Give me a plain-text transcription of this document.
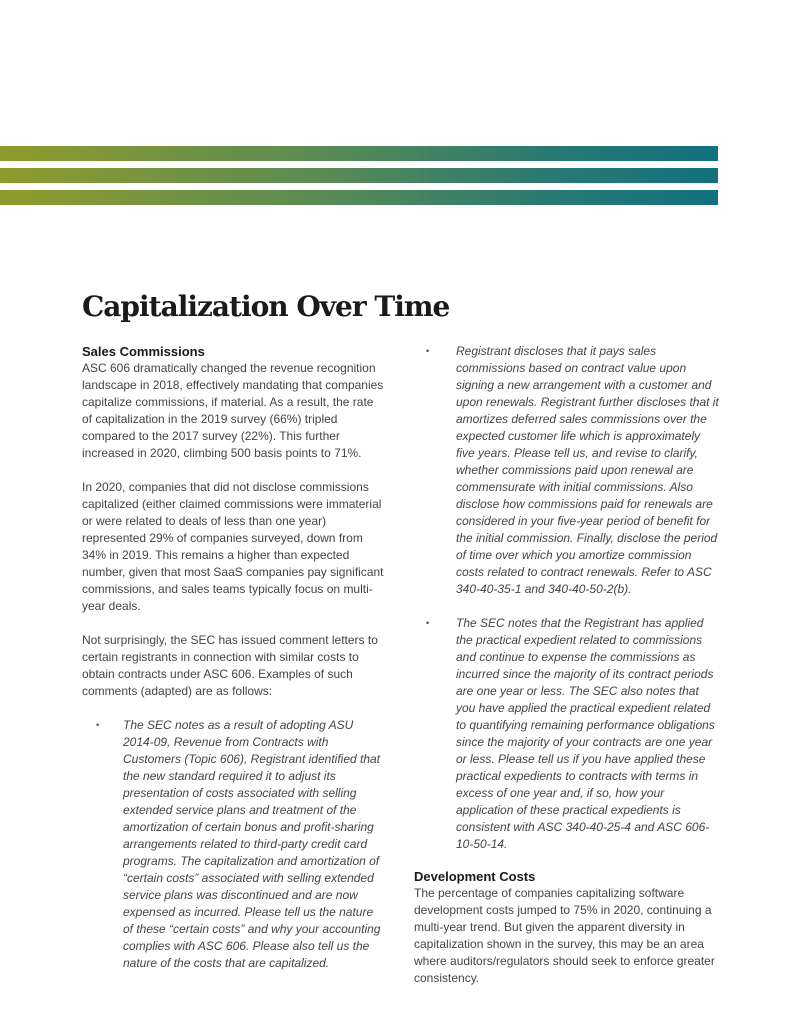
Capitalization Over Time
Sales Commissions

ASC 606 dramatically changed the revenue recognition landscape in 2018, effectively mandating that companies capitalize commissions, if material. As a result, the rate of capitalization in the 2019 survey (66%) tripled compared to the 2017 survey (22%). This further increased in 2020, climbing 500 basis points to 71%.

In 2020, companies that did not disclose commissions capitalized (either claimed commissions were immaterial or were related to deals of less than one year) represented 29% of companies surveyed, down from 34% in 2019. This remains a higher than expected number, given that most SaaS companies pay significant commissions, and sales teams typically focus on multi-year deals.

Not surprisingly, the SEC has issued comment letters to certain registrants in connection with similar costs to obtain contracts under ASC 606. Examples of such comments (adapted) are as follows:

• The SEC notes as a result of adopting ASU 2014-09, Revenue from Contracts with Customers (Topic 606), Registrant identified that the new standard required it to adjust its presentation of costs associated with selling extended service plans and treatment of the amortization of certain bonus and profit-sharing arrangements related to third-party credit card programs. The capitalization and amortization of “certain costs” associated with selling extended service plans was discontinued and are now expensed as incurred. Please tell us the nature of these “certain costs” and why your accounting complies with ASC 606. Please also tell us the nature of the costs that are capitalized.
• Registrant discloses that it pays sales commissions based on contract value upon signing a new arrangement with a customer and upon renewals. Registrant further discloses that it amortizes deferred sales commissions over the expected customer life which is approximately five years. Please tell us, and revise to clarify, whether commissions paid upon renewal are commensurate with initial commissions. Also disclose how commissions paid for renewals are considered in your five-year period of benefit for the initial commission. Finally, disclose the period of time over which you amortize commission costs related to contract renewals. Refer to ASC 340-40-35-1 and 340-40-50-2(b).
• The SEC notes that the Registrant has applied the practical expedient related to commissions and continue to expense the commissions as incurred since the majority of its contract periods are one year or less. The SEC also notes that you have applied the practical expedient related to quantifying remaining performance obligations since the majority of your contracts are one year or less. Please tell us if you have applied these practical expedients to contracts with terms in excess of one year and, if so, how your application of these practical expedients is consistent with ASC 340-40-25-4 and ASC 606-10-50-14.
Development Costs

The percentage of companies capitalizing software development costs jumped to 75% in 2020, continuing a multi-year trend. But given the apparent diversity in capitalization shown in the survey, this may be an area where auditors/regulators should seek to enforce greater consistency.
